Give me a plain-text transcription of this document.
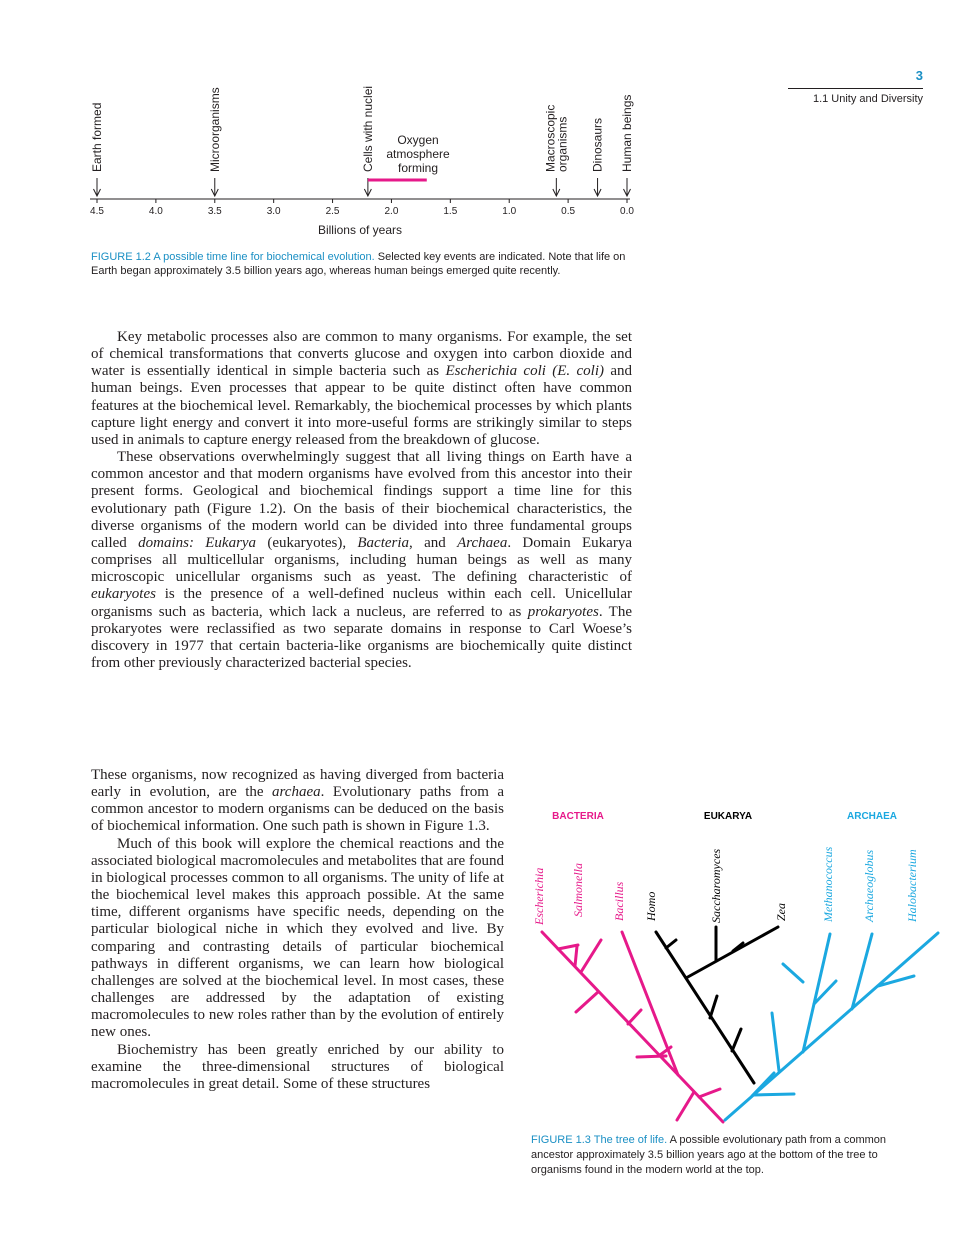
3
1.1 Unity and Diversity
Earth formed	Microorganisms	Cells with nuclei	Macroscopic
organisms Dinosaurs Human beings
4.5	4.0	3.5	3.0	2.5	2.0	1.5	1.0	0.5	0.0
Oxygen
atmosphere
forming
Billions of years
FIGURE 1.2 A possible time line for biochemical evolution. Selected key events are indicated. Note that life on Earth began approximately 3.5 billion years ago, whereas human beings emerged quite recently.

Key metabolic processes also are common to many organisms. For example, the set of chemical transformations that converts glucose and oxygen into carbon dioxide and water is essentially identical in simple bacteria such as Escherichia coli (E. coli) and human beings. Even processes that appear to be quite distinct often have common features at the biochemical level. Remarkably, the biochemical processes by which plants capture light energy and convert it into more-useful forms are strikingly similar to steps used in animals to capture energy released from the breakdown of glucose.

These observations overwhelmingly suggest that all living things on Earth have a common ancestor and that modern organisms have evolved from this ancestor into their present forms. Geological and biochemical findings support a time line for this evolutionary path (Figure 1.2). On the basis of their biochemical characteristics, the diverse organisms of the modern world can be divided into three fundamental groups called domains: Eukarya (eukaryotes), Bacteria, and Archaea. Domain Eukarya comprises all multicellular organisms, including human beings as well as many microscopic unicellular organisms such as yeast. The defining characteristic of eukaryotes is the presence of a well-defined nucleus within each cell. Unicellular organisms such as bacteria, which lack a nucleus, are referred to as prokaryotes. The prokaryotes were reclassified as two separate domains in response to Carl Woese’s discovery in 1977 that certain bacteria-like organisms are biochemically quite distinct from other previously characterized bacterial species.

These organisms, now recognized as having diverged from bacteria early in evolution, are the archaea. Evolutionary paths from a common ancestor to modern organisms can be deduced on the basis of biochemical information. One such path is shown in Figure 1.3.

Much of this book will explore the chemical reactions and the associated biological macromolecules and metabolites that are found in biological processes common to all organisms. The unity of life at the biochemical level makes this approach possible. At the same time, different organisms have specific needs, depending on the particular biological niche in which they evolved and live. By comparing and contrasting details of particular biochemical pathways in different organisms, we can learn how biological challenges are solved at the biochemical level. In most cases, these challenges are addressed by the adaptation of existing macromolecules to new roles rather than by the evolution of entirely new ones.

Biochemistry has been greatly enriched by our ability to examine the three-dimensional structures of biological macromolecules in great detail. Some of these structures

BACTERIA	EUKARYA	ARCHAEA
Escherichia Salmonella Bacillus Homo	Saccharomyces	Zea	Methanococcus Archaeoglobus Halobacterium
FIGURE 1.3 The tree of life. A possible evolutionary path from a common ancestor approximately 3.5 billion years ago at the bottom of the tree to organisms found in the modern world at the top.
